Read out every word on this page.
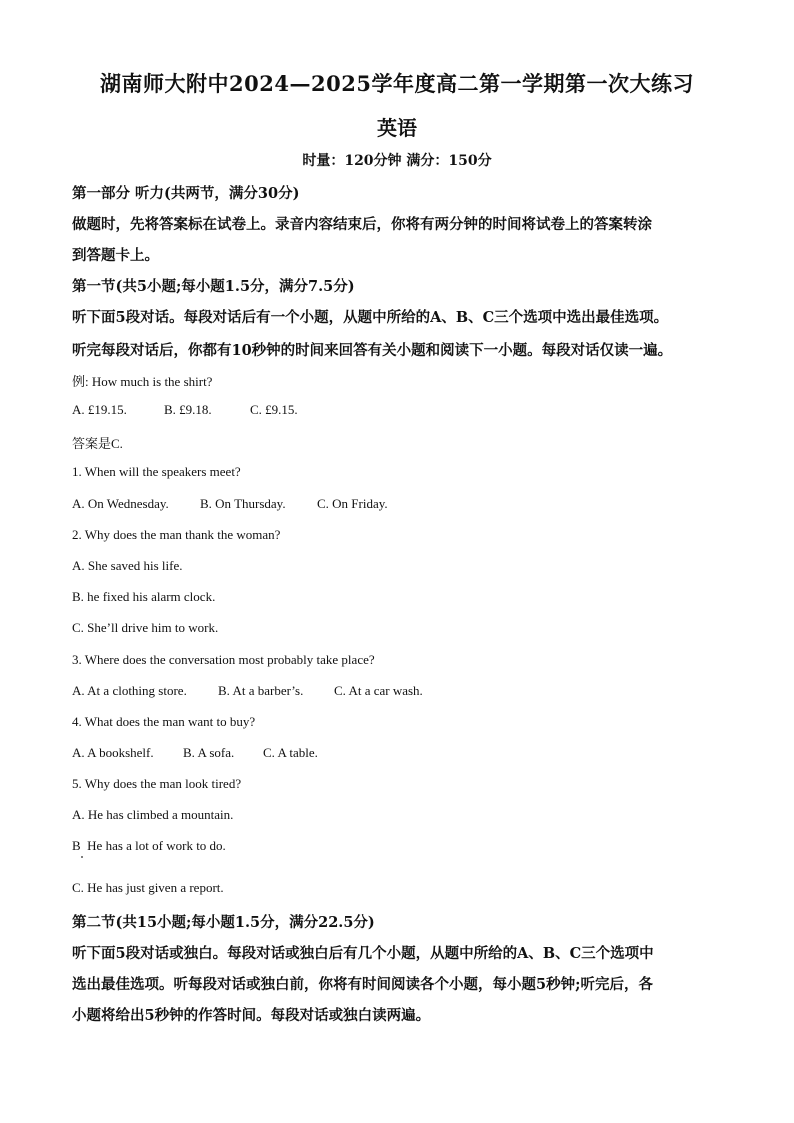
湖南师大附中2024—2025学年度高二第一学期第一次大练习
英语
时量：120分钟 满分：150分
第一部分 听力(共两节，满分30分)
做题时，先将答案标在试卷上。录音内容结束后，你将有两分钟的时间将试卷上的答案转涂
到答题卡上。
第一节(共5小题;每小题1.5分，满分7.5分)
听下面5段对话。每段对话后有一个小题，从题中所给的A、B、C三个选项中选出最佳选项。
听完每段对话后，你都有10秒钟的时间来回答有关小题和阅读下一小题。每段对话仅读一遍。
例: How much is the shirt?
A. £19.15.	B. £9.18.	C. £9.15.
答案是C.
1. When will the speakers meet?
A. On Wednesday. B. On Thursday. C. On Friday.
2. Why does the man thank the woman?
A. She saved his life.
B. he fixed his alarm clock.
C. She’ll drive him to work.
3. Where does the conversation most probably take place?
A. At a clothing store. B. At a barber’s. C. At a car wash.
4. What does the man want to buy?
A. A bookshelf. B. A sofa. C. A table.
5. Why does the man look tired?
A. He has climbed a mountain.
B  He has a lot of work to do.
C. He has just given a report.
第二节(共15小题;每小题1.5分，满分22.5分)
听下面5段对话或独白。每段对话或独白后有几个小题，从题中所给的A、B、C三个选项中
选出最佳选项。听每段对话或独白前，你将有时间阅读各个小题，每小题5秒钟;听完后，各
小题将给出5秒钟的作答时间。每段对话或独白读两遍。
